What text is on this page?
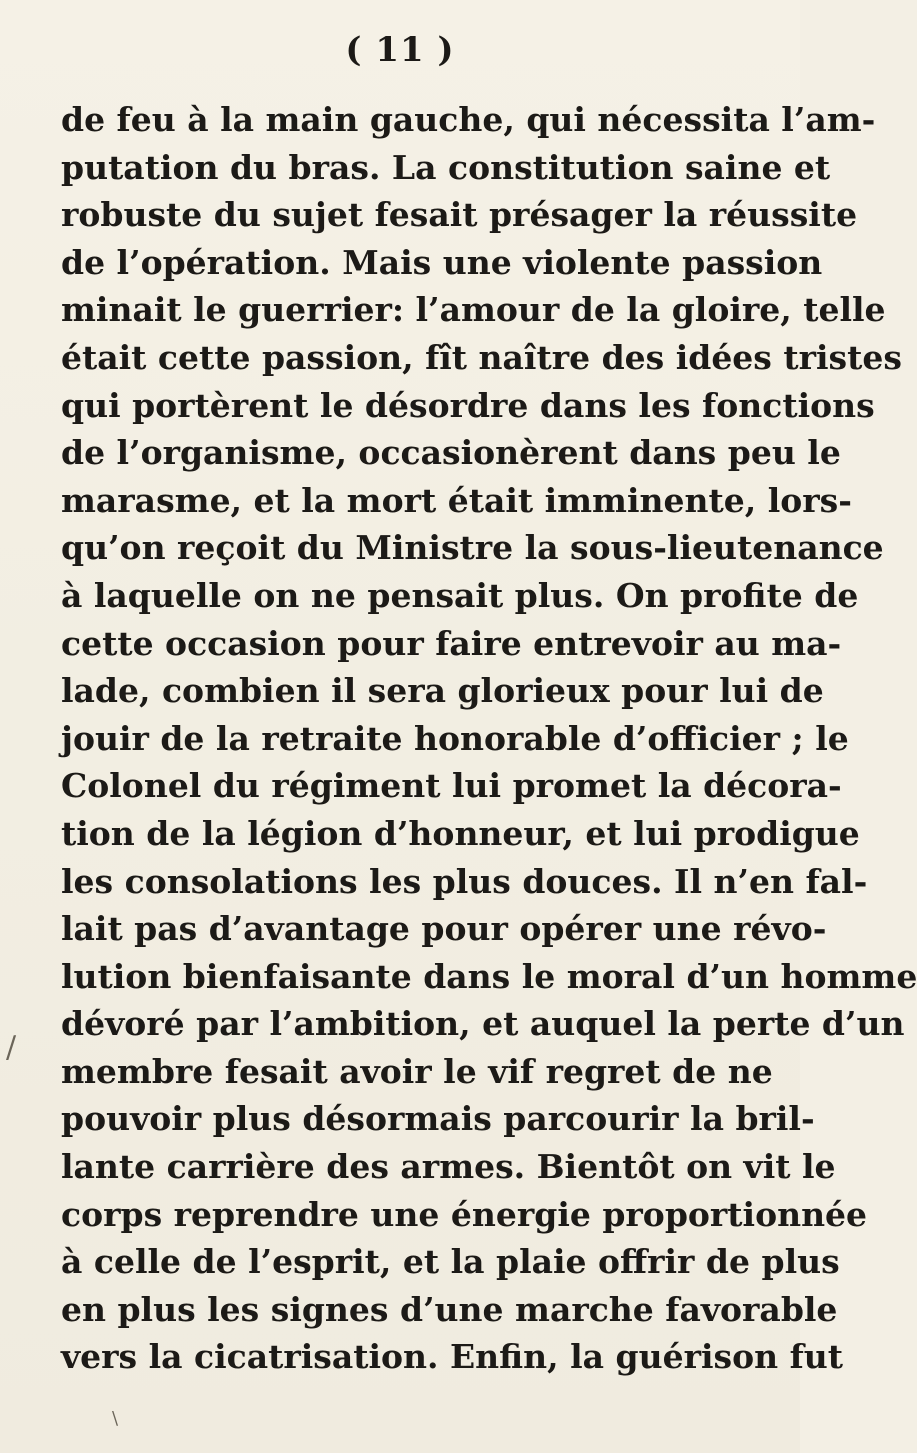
( 11 )
de feu à la main gauche, qui nécessita l’am-
putation du bras. La constitution saine et
robuste du sujet fesait présager la réussite
de l’opération. Mais une violente passion
minait le guerrier: l’amour de la gloire, telle
était cette passion, fît naître des idées tristes
qui portèrent le désordre dans les fonctions
de l’organisme, occasionèrent dans peu le
marasme, et la mort était imminente, lors-
qu’on reçoit du Ministre la sous-lieutenance
à laquelle on ne pensait plus. On profite de
cette occasion pour faire entrevoir au ma-
lade, combien il sera glorieux pour lui de
jouir de la retraite honorable d’officier ; le
Colonel du régiment lui promet la décora-
tion de la légion d’honneur, et lui prodigue
les consolations les plus douces. Il n’en fal-
lait pas d’avantage pour opérer une révo-
lution bienfaisante dans le moral d’un homme
dévoré par l’ambition, et auquel la perte d’un
membre fesait avoir le vif regret de ne
pouvoir plus désormais parcourir la bril-
lante carrière des armes. Bientôt on vit le
corps reprendre une énergie proportionnée
à celle de l’esprit, et la plaie offrir de plus
en plus les signes d’une marche favorable
vers la cicatrisation. Enfin, la guérison fut
/
\
